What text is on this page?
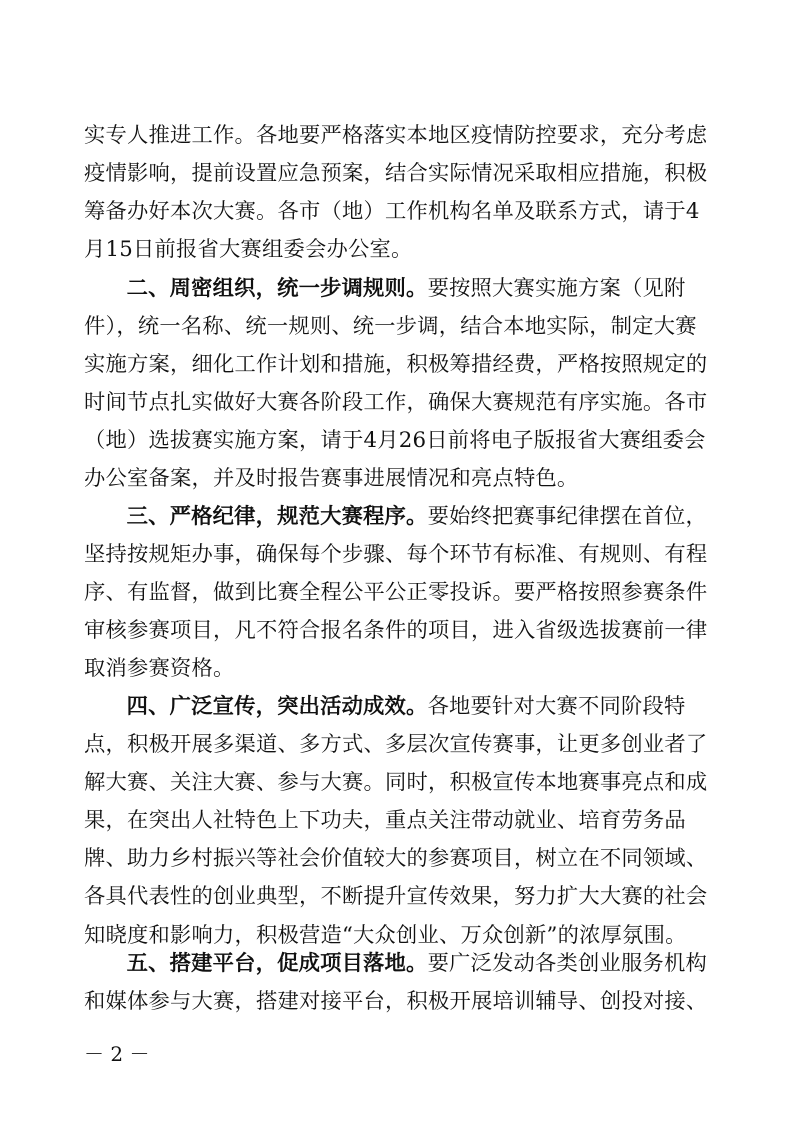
实专人推进工作。各地要严格落实本地区疫情防控要求，充分考虑疫情影响，提前设置应急预案，结合实际情况采取相应措施，积极筹备办好本次大赛。各市（地）工作机构名单及联系方式，请于4月15日前报省大赛组委会办公室。

二、周密组织，统一步调规则。要按照大赛实施方案（见附件），统一名称、统一规则、统一步调，结合本地实际，制定大赛实施方案，细化工作计划和措施，积极筹措经费，严格按照规定的时间节点扎实做好大赛各阶段工作，确保大赛规范有序实施。各市（地）选拔赛实施方案，请于4月26日前将电子版报省大赛组委会办公室备案，并及时报告赛事进展情况和亮点特色。

三、严格纪律，规范大赛程序。要始终把赛事纪律摆在首位，坚持按规矩办事，确保每个步骤、每个环节有标准、有规则、有程序、有监督，做到比赛全程公平公正零投诉。要严格按照参赛条件审核参赛项目，凡不符合报名条件的项目，进入省级选拔赛前一律取消参赛资格。

四、广泛宣传，突出活动成效。各地要针对大赛不同阶段特点，积极开展多渠道、多方式、多层次宣传赛事，让更多创业者了解大赛、关注大赛、参与大赛。同时，积极宣传本地赛事亮点和成果，在突出人社特色上下功夫，重点关注带动就业、培育劳务品牌、助力乡村振兴等社会价值较大的参赛项目，树立在不同领域、各具代表性的创业典型，不断提升宣传效果，努力扩大大赛的社会知晓度和影响力，积极营造“大众创业、万众创新”的浓厚氛围。

五、搭建平台，促成项目落地。要广泛发动各类创业服务机构和媒体参与大赛，搭建对接平台，积极开展培训辅导、创投对接、

－ 2 －
